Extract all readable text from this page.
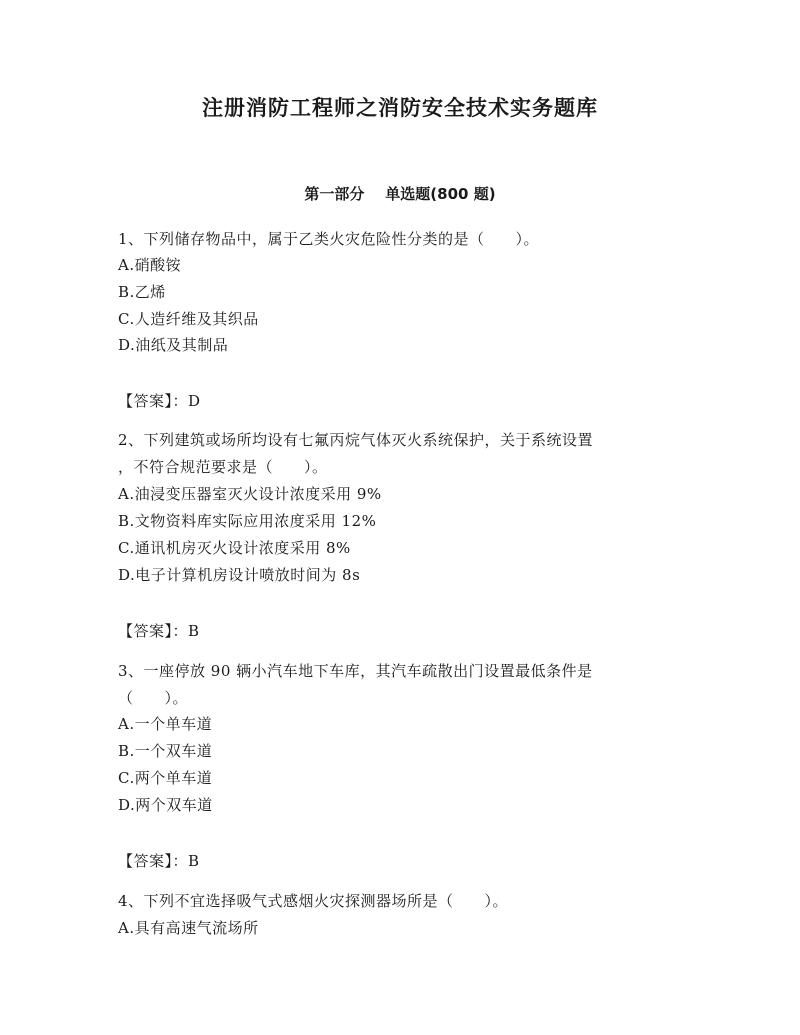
注册消防工程师之消防安全技术实务题库
第一部分    单选题(800 题)
1、下列储存物品中，属于乙类火灾危险性分类的是（　　）。
A.硝酸铵
B.乙烯
C.人造纤维及其织品
D.油纸及其制品
【答案】：D
2、下列建筑或场所均设有七氟丙烷气体灭火系统保护，关于系统设置
，不符合规范要求是（　　）。
A.油浸变压器室灭火设计浓度采用 9%
B.文物资料库实际应用浓度采用 12%
C.通讯机房灭火设计浓度采用 8%
D.电子计算机房设计喷放时间为 8s
【答案】：B
3、一座停放 90 辆小汽车地下车库，其汽车疏散出门设置最低条件是
（　　）。
A.一个单车道
B.一个双车道
C.两个单车道
D.两个双车道
【答案】：B
4、下列不宜选择吸气式感烟火灾探测器场所是（　　）。
A.具有高速气流场所
